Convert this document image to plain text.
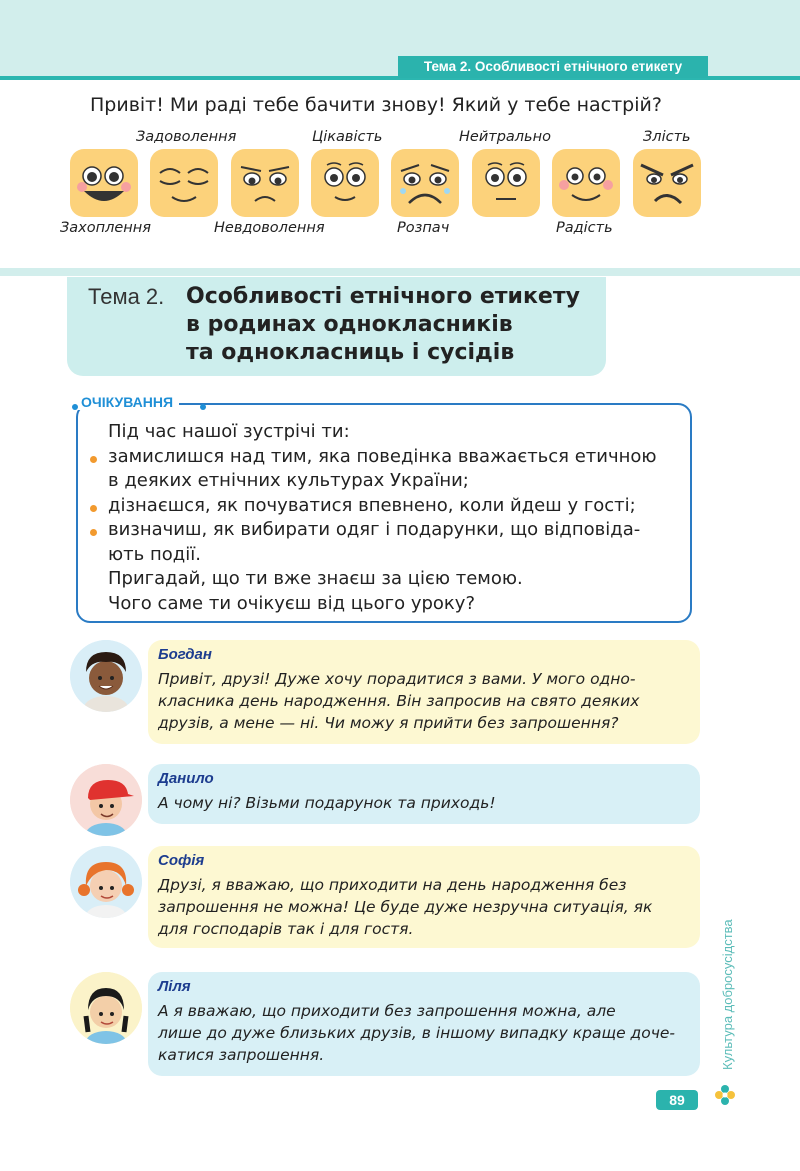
Тема 2. Особливості етнічного етикету
Привіт! Ми раді тебе бачити знову! Який у тебе настрій?
Задоволення	Цікавість	Нейтрально	Злість
Захоплення	Невдоволення	Розпач	Радість
Тема 2. Особливості етнічного етикету
в родинах однокласників
та однокласниць і сусідів
ОЧІКУВАННЯ

Під час нашої зустрічі ти:

замислишся над тим, яка поведінка вважається етичною
в деяких етнічних культурах України;
дізнаєшся, як почуватися впевнено, коли йдеш у гості;
визначиш, як вибирати одяг і подарунки, що відповіда-
ють події.

Пригадай, що ти вже знаєш за цією темою.

Чого саме ти очікуєш від цього уроку?

Богдан
Привіт, друзі! Дуже хочу порадитися з вами. У мого одно-
класника день народження. Він запросив на свято деяких
друзів, а мене — ні. Чи можу я прийти без запрошення?
Данило
А чому ні? Візьми подарунок та приходь!
Софія
Друзі, я вважаю, що приходити на день народження без
запрошення не можна! Це буде дуже незручна ситуація, як
для господарів так і для гостя.
Ліля
А я вважаю, що приходити без запрошення можна, але
лише до дуже близьких друзів, в іншому випадку краще доче-
катися запрошення.
89
Культура добросусідства
